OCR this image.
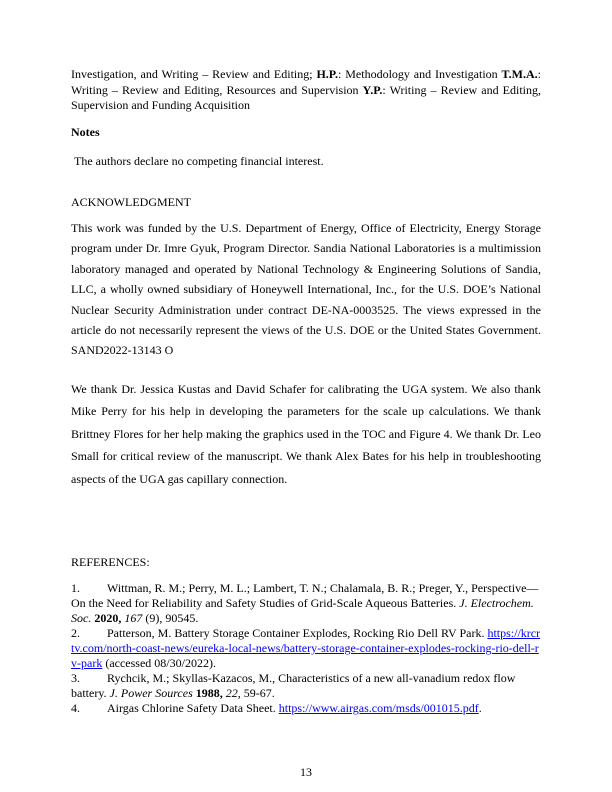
Investigation, and Writing – Review and Editing; H.P.: Methodology and Investigation T.M.A.: Writing – Review and Editing, Resources and Supervision Y.P.: Writing – Review and Editing, Supervision and Funding Acquisition
Notes
The authors declare no competing financial interest.
ACKNOWLEDGMENT
This work was funded by the U.S. Department of Energy, Office of Electricity, Energy Storage program under Dr. Imre Gyuk, Program Director. Sandia National Laboratories is a multimission laboratory managed and operated by National Technology & Engineering Solutions of Sandia, LLC, a wholly owned subsidiary of Honeywell International, Inc., for the U.S. DOE’s National Nuclear Security Administration under contract DE-NA-0003525. The views expressed in the article do not necessarily represent the views of the U.S. DOE or the United States Government. SAND2022-13143 O
We thank Dr. Jessica Kustas and David Schafer for calibrating the UGA system. We also thank Mike Perry for his help in developing the parameters for the scale up calculations. We thank Brittney Flores for her help making the graphics used in the TOC and Figure 4. We thank Dr. Leo Small for critical review of the manuscript. We thank Alex Bates for his help in troubleshooting aspects of the UGA gas capillary connection.
REFERENCES:
1. Wittman, R. M.; Perry, M. L.; Lambert, T. N.; Chalamala, B. R.; Preger, Y., Perspective—On the Need for Reliability and Safety Studies of Grid-Scale Aqueous Batteries. J. Electrochem. Soc. 2020, 167 (9), 90545.
2. Patterson, M. Battery Storage Container Explodes, Rocking Rio Dell RV Park. https://krcrtv.com/north-coast-news/eureka-local-news/battery-storage-container-explodes-rocking-rio-dell-rv-park (accessed 08/30/2022).
3. Rychcik, M.; Skyllas-Kazacos, M., Characteristics of a new all-vanadium redox flow battery. J. Power Sources 1988, 22, 59-67.
4. Airgas Chlorine Safety Data Sheet. https://www.airgas.com/msds/001015.pdf.
13
